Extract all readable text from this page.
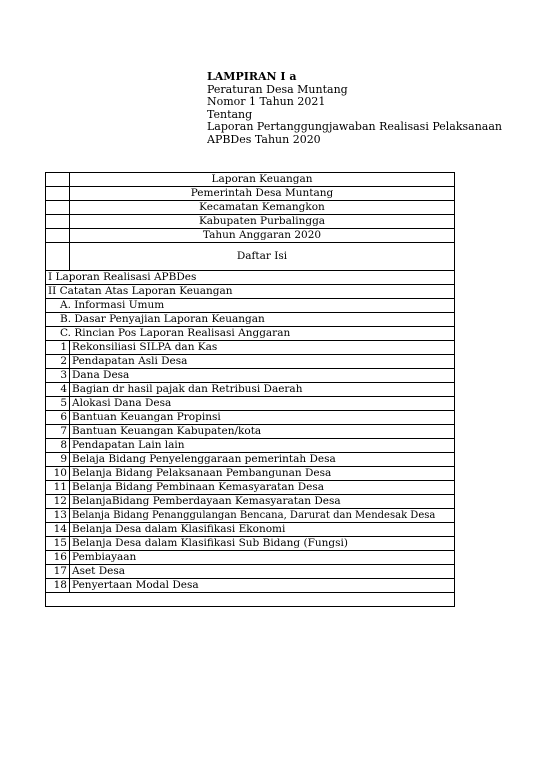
LAMPIRAN I a
Peraturan Desa Muntang
Nomor 1 Tahun 2021
Tentang
Laporan Pertanggungjawaban Realisasi Pelaksanaan
APBDes Tahun 2020
	Laporan Keuangan
	Pemerintah Desa Muntang
	Kecamatan Kemangkon
	Kabupaten Purbalingga
	Tahun Anggaran 2020
	Daftar Isi
I Laporan Realisasi APBDes	
II Catatan Atas Laporan Keuangan	
A. Informasi Umum	
B. Dasar Penyajian Laporan Keuangan	
C. Rincian Pos Laporan Realisasi Anggaran	
1	Rekonsiliasi SILPA dan Kas
2	Pendapatan Asli Desa
3	Dana Desa
4	Bagian dr hasil pajak dan Retribusi Daerah
5	Alokasi Dana Desa
6	Bantuan Keuangan Propinsi
7	Bantuan Keuangan Kabupaten/kota
8	Pendapatan Lain lain
9	Belaja Bidang Penyelenggaraan pemerintah Desa
10	Belanja Bidang Pelaksanaan Pembangunan Desa
11	Belanja Bidang Pembinaan Kemasyaratan Desa
12	BelanjaBidang Pemberdayaan Kemasyaratan Desa
13	Belanja Bidang Penanggulangan Bencana, Darurat dan Mendesak Desa
14	Belanja Desa dalam Klasifikasi Ekonomi
15	Belanja Desa dalam Klasifikasi Sub Bidang (Fungsi)
16	Pembiayaan
17	Aset Desa
18	Penyertaan Modal Desa
